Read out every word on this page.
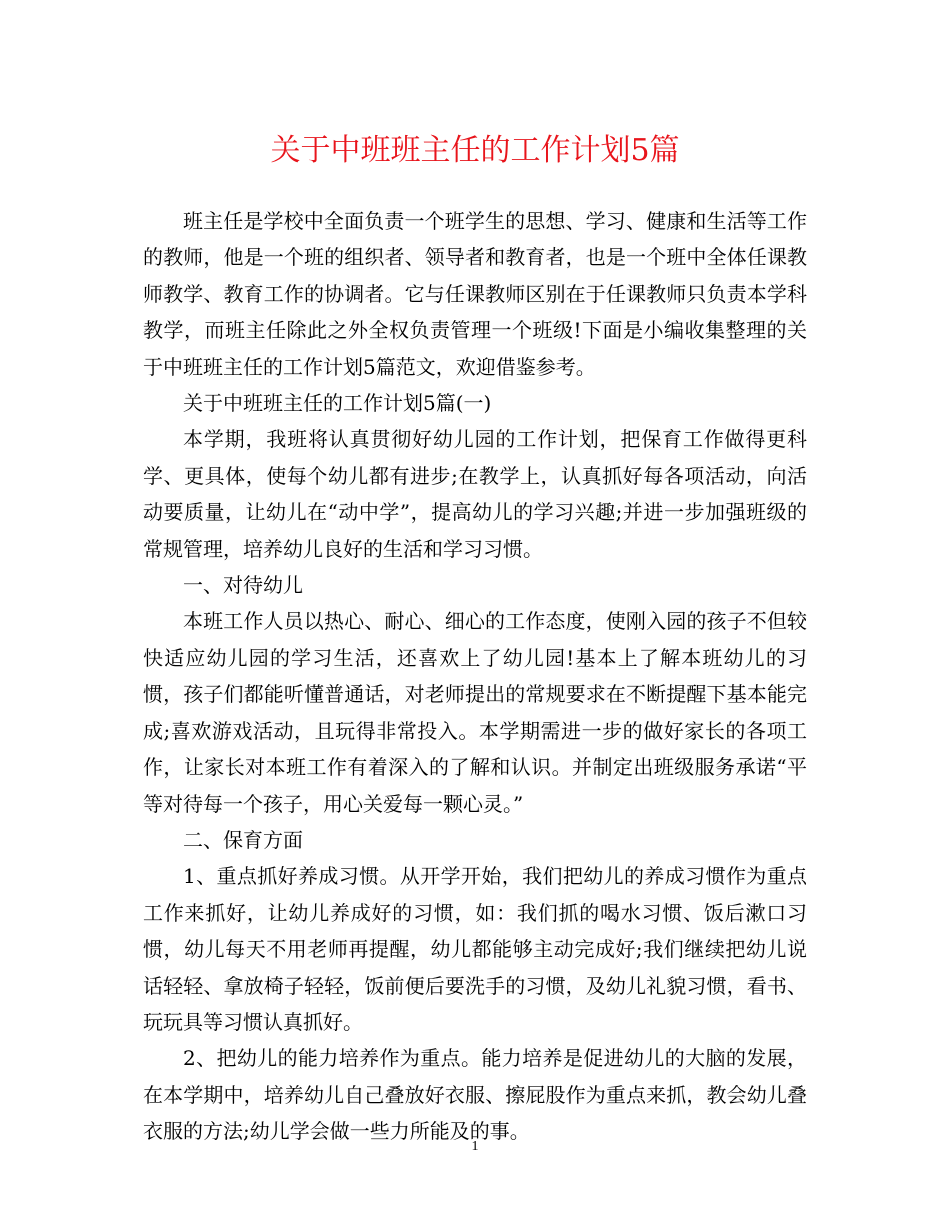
关于中班班主任的工作计划5篇

班主任是学校中全面负责一个班学生的思想、学习、健康和生活等工作的教师，他是一个班的组织者、领导者和教育者，也是一个班中全体任课教师教学、教育工作的协调者。它与任课教师区别在于任课教师只负责本学科教学，而班主任除此之外全权负责管理一个班级!下面是小编收集整理的关于中班班主任的工作计划5篇范文，欢迎借鉴参考。

关于中班班主任的工作计划5篇(一)

本学期，我班将认真贯彻好幼儿园的工作计划，把保育工作做得更科学、更具体，使每个幼儿都有进步;在教学上，认真抓好每各项活动，向活动要质量，让幼儿在“动中学”，提高幼儿的学习兴趣;并进一步加强班级的常规管理，培养幼儿良好的生活和学习习惯。

一、对待幼儿

本班工作人员以热心、耐心、细心的工作态度，使刚入园的孩子不但较快适应幼儿园的学习生活，还喜欢上了幼儿园!基本上了解本班幼儿的习惯，孩子们都能听懂普通话，对老师提出的常规要求在不断提醒下基本能完成;喜欢游戏活动，且玩得非常投入。本学期需进一步的做好家长的各项工作，让家长对本班工作有着深入的了解和认识。并制定出班级服务承诺“平等对待每一个孩子，用心关爱每一颗心灵。”

二、保育方面

1、重点抓好养成习惯。从开学开始，我们把幼儿的养成习惯作为重点工作来抓好，让幼儿养成好的习惯，如：我们抓的喝水习惯、饭后漱口习惯，幼儿每天不用老师再提醒，幼儿都能够主动完成好;我们继续把幼儿说话轻轻、拿放椅子轻轻，饭前便后要洗手的习惯，及幼儿礼貌习惯，看书、玩玩具等习惯认真抓好。

2、把幼儿的能力培养作为重点。能力培养是促进幼儿的大脑的发展，在本学期中，培养幼儿自己叠放好衣服、擦屁股作为重点来抓，教会幼儿叠衣服的方法;幼儿学会做一些力所能及的事。

1
